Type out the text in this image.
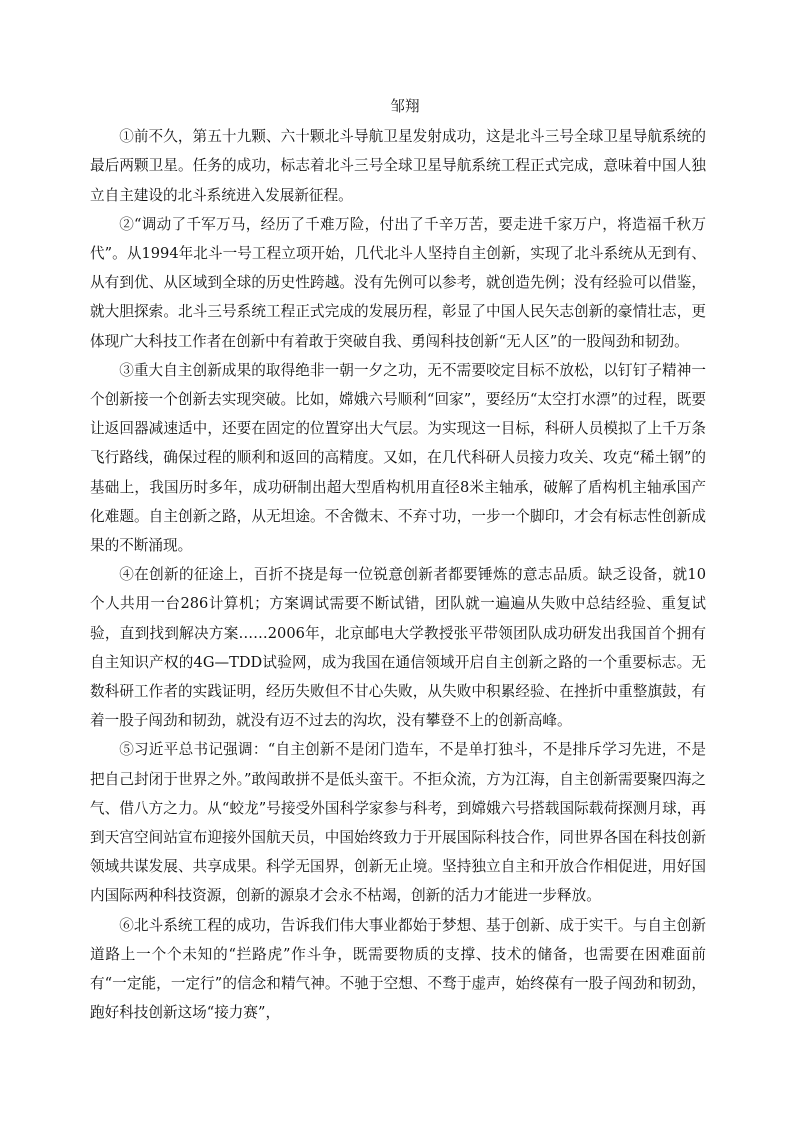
邹翔

①前不久，第五十九颗、六十颗北斗导航卫星发射成功，这是北斗三号全球卫星导航系统的最后两颗卫星。任务的成功，标志着北斗三号全球卫星导航系统工程正式完成，意味着中国人独立自主建设的北斗系统进入发展新征程。

②“调动了千军万马，经历了千难万险，付出了千辛万苦，要走进千家万户，将造福千秋万代”。从1994年北斗一号工程立项开始，几代北斗人坚持自主创新，实现了北斗系统从无到有、从有到优、从区域到全球的历史性跨越。没有先例可以参考，就创造先例；没有经验可以借鉴，就大胆探索。北斗三号系统工程正式完成的发展历程，彰显了中国人民矢志创新的豪情壮志，更体现广大科技工作者在创新中有着敢于突破自我、勇闯科技创新“无人区”的一股闯劲和韧劲。

③重大自主创新成果的取得绝非一朝一夕之功，无不需要咬定目标不放松，以钉钉子精神一个创新接一个创新去实现突破。比如，嫦娥六号顺利“回家”，要经历“太空打水漂”的过程，既要让返回器减速适中，还要在固定的位置穿出大气层。为实现这一目标，科研人员模拟了上千万条飞行路线，确保过程的顺利和返回的高精度。又如，在几代科研人员接力攻关、攻克“稀土钢”的基础上，我国历时多年，成功研制出超大型盾构机用直径8米主轴承，破解了盾构机主轴承国产化难题。自主创新之路，从无坦途。不舍微末、不弃寸功，一步一个脚印，才会有标志性创新成果的不断涌现。

④在创新的征途上，百折不挠是每一位锐意创新者都要锤炼的意志品质。缺乏设备，就10个人共用一台286计算机；方案调试需要不断试错，团队就一遍遍从失败中总结经验、重复试验，直到找到解决方案……2006年，北京邮电大学教授张平带领团队成功研发出我国首个拥有自主知识产权的4G—TDD试验网，成为我国在通信领域开启自主创新之路的一个重要标志。无数科研工作者的实践证明，经历失败但不甘心失败，从失败中积累经验、在挫折中重整旗鼓，有着一股子闯劲和韧劲，就没有迈不过去的沟坎，没有攀登不上的创新高峰。

⑤习近平总书记强调：“自主创新不是闭门造车，不是单打独斗，不是排斥学习先进，不是把自己封闭于世界之外。”敢闯敢拼不是低头蛮干。不拒众流，方为江海，自主创新需要聚四海之气、借八方之力。从“蛟龙”号接受外国科学家参与科考，到嫦娥六号搭载国际载荷探测月球，再到天宫空间站宣布迎接外国航天员，中国始终致力于开展国际科技合作，同世界各国在科技创新领域共谋发展、共享成果。科学无国界，创新无止境。坚持独立自主和开放合作相促进，用好国内国际两种科技资源，创新的源泉才会永不枯竭，创新的活力才能进一步释放。

⑥北斗系统工程的成功，告诉我们伟大事业都始于梦想、基于创新、成于实干。与自主创新道路上一个个未知的“拦路虎”作斗争，既需要物质的支撑、技术的储备，也需要在困难面前有“一定能，一定行”的信念和精气神。不驰于空想、不骛于虚声，始终葆有一股子闯劲和韧劲，跑好科技创新这场“接力赛”，
